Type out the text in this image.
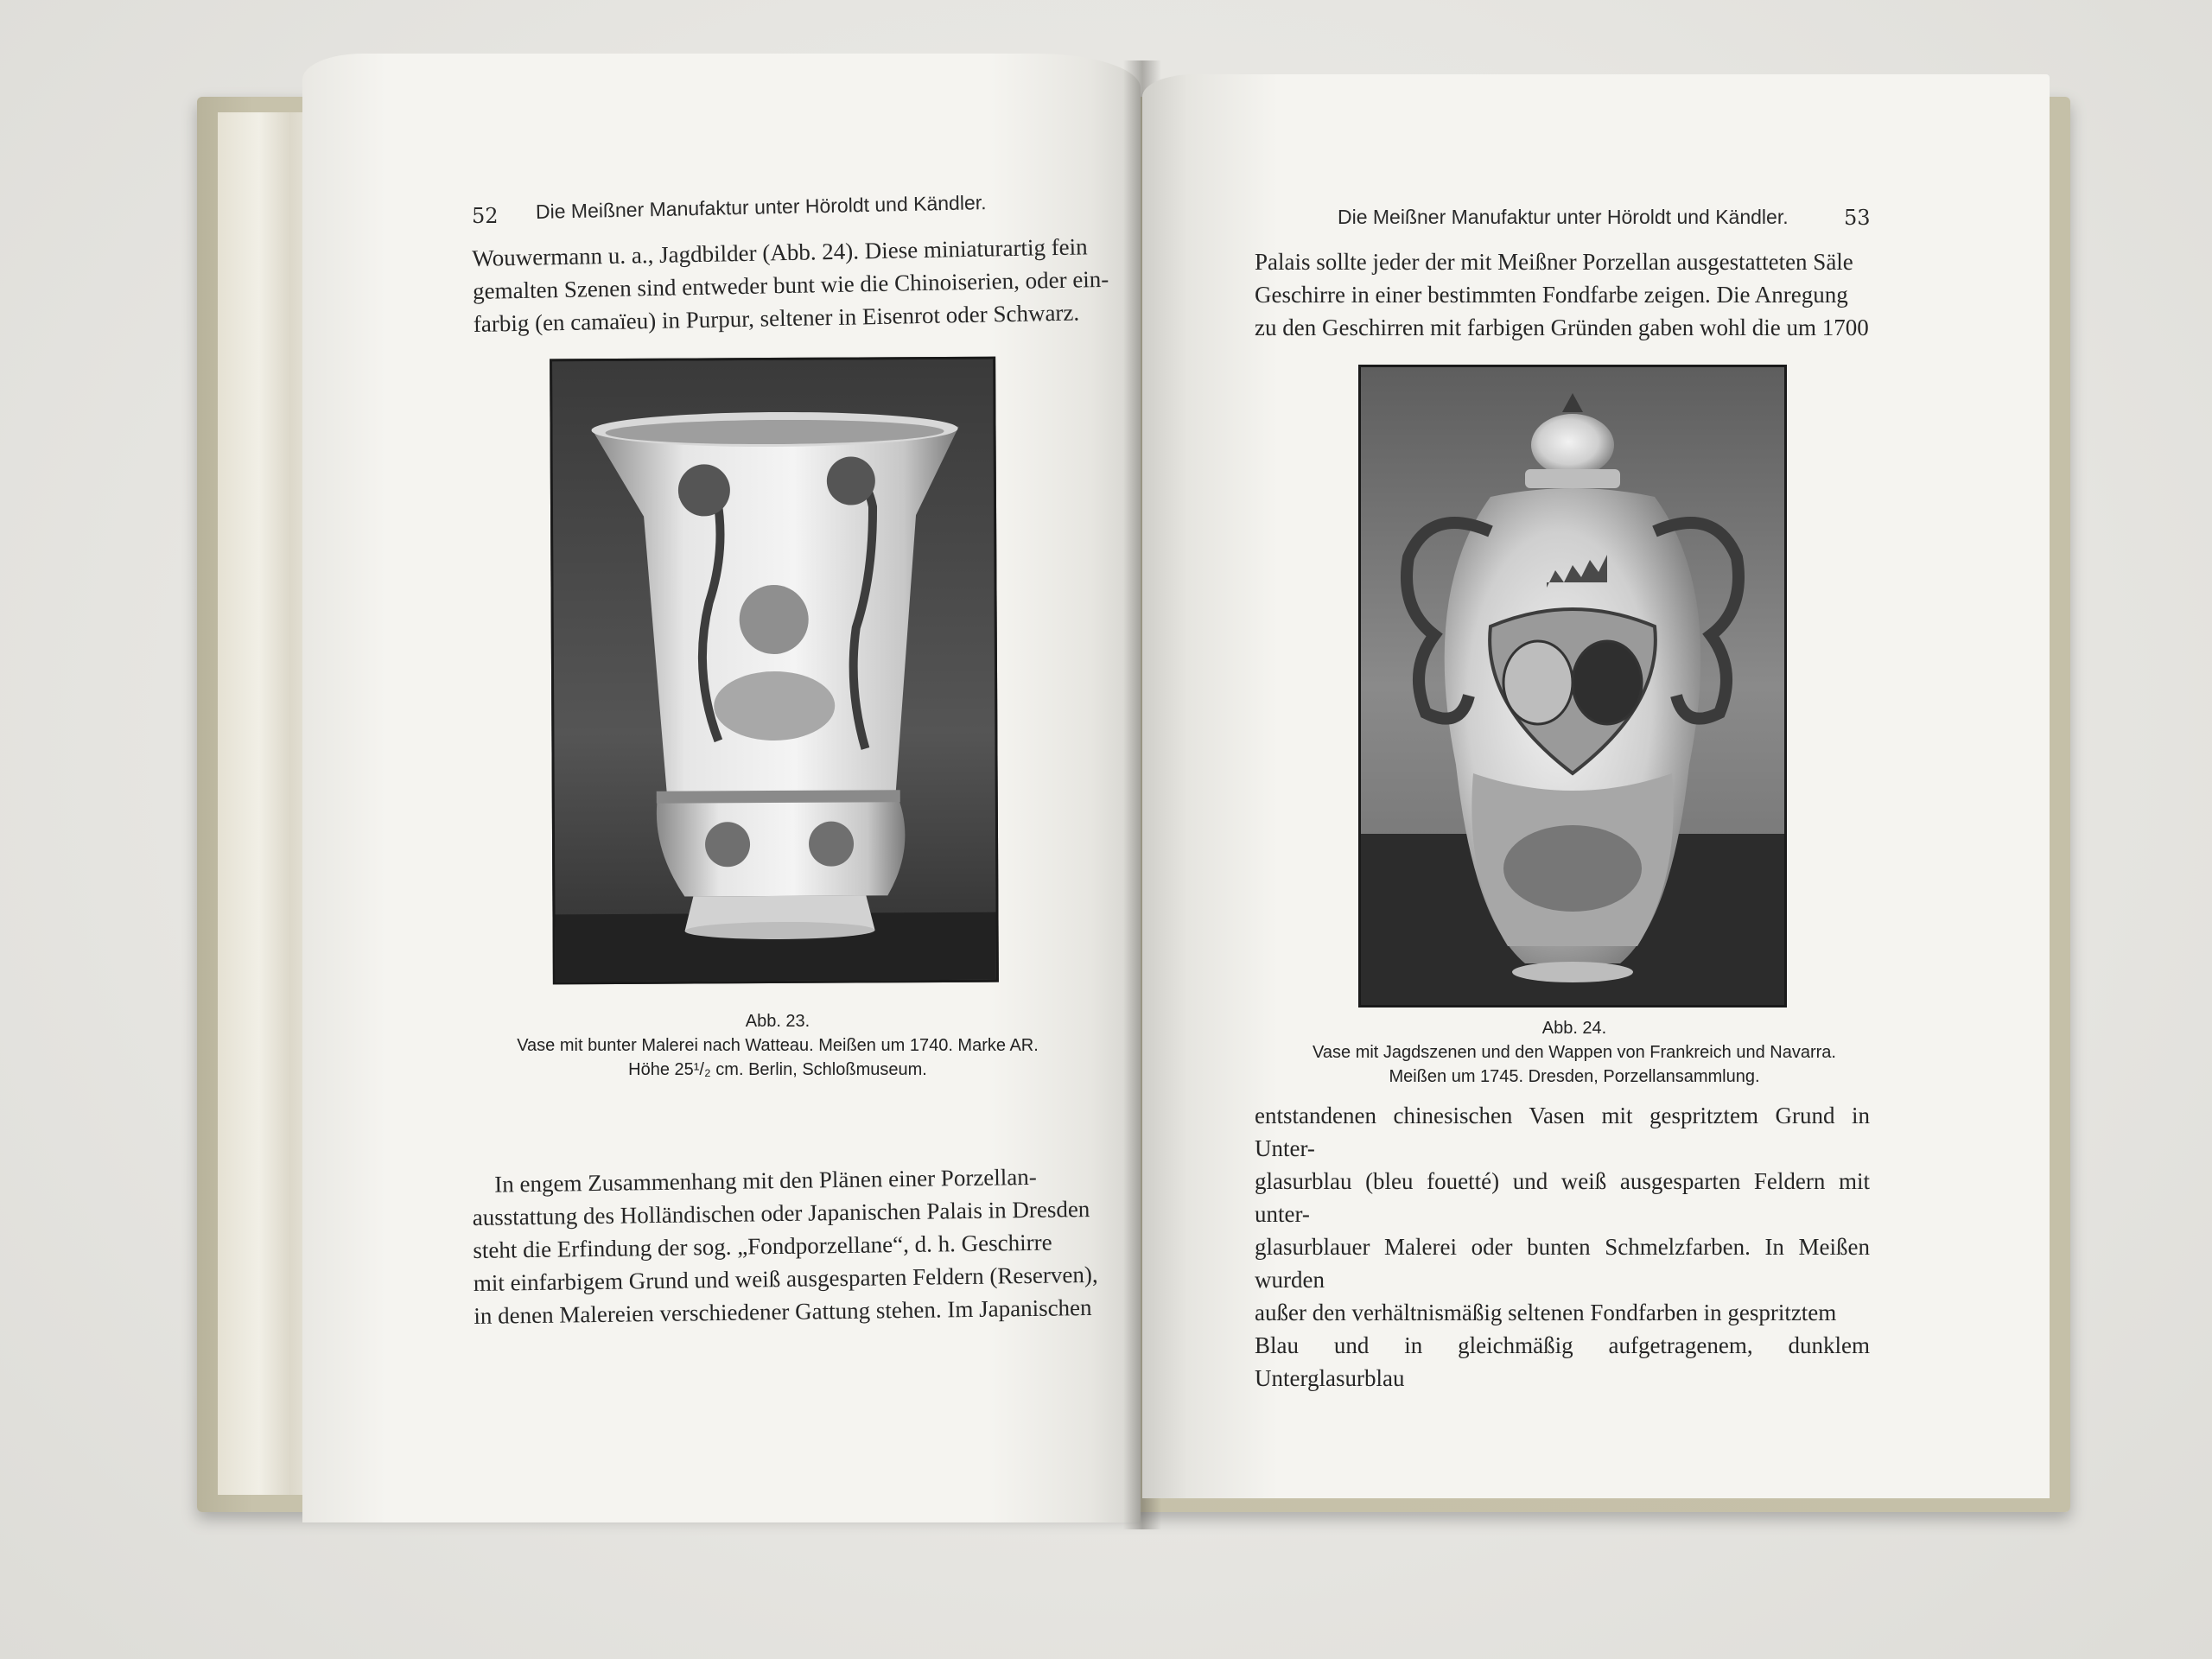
52 Die Meißner Manufaktur unter Höroldt und Kändler.
Wouwermann u. a., Jagdbilder (Abb. 24). Diese miniaturartig fein
gemalten Szenen sind entweder bunt wie die Chinoiserien, oder ein-
farbig (en camaïeu) in Purpur, seltener in Eisenrot oder Schwarz.
Abb. 23.
Vase mit bunter Malerei nach Watteau. Meißen um 1740. Marke AR.
Höhe 25¹/₂ cm. Berlin, Schloßmuseum.
In engem Zusammenhang mit den Plänen einer Porzellan-
ausstattung des Holländischen oder Japanischen Palais in Dresden
steht die Erfindung der sog. „Fondporzellane“, d. h. Geschirre
mit einfarbigem Grund und weiß ausgesparten Feldern (Reserven),
in denen Malereien verschiedener Gattung stehen. Im Japanischen
Die Meißner Manufaktur unter Höroldt und Kändler.	53
Palais sollte jeder der mit Meißner Porzellan ausgestatteten Säle
Geschirre in einer bestimmten Fondfarbe zeigen. Die Anregung
zu den Geschirren mit farbigen Gründen gaben wohl die um 1700
Abb. 24.
Vase mit Jagdszenen und den Wappen von Frankreich und Navarra.
Meißen um 1745. Dresden, Porzellansammlung.
entstandenen chinesischen Vasen mit gespritztem Grund in Unter-
glasurblau (bleu fouetté) und weiß ausgesparten Feldern mit unter-
glasurblauer Malerei oder bunten Schmelzfarben. In Meißen wurden
außer den verhältnismäßig seltenen Fondfarben in gespritztem
Blau und in gleichmäßig aufgetragenem, dunklem Unterglasurblau
